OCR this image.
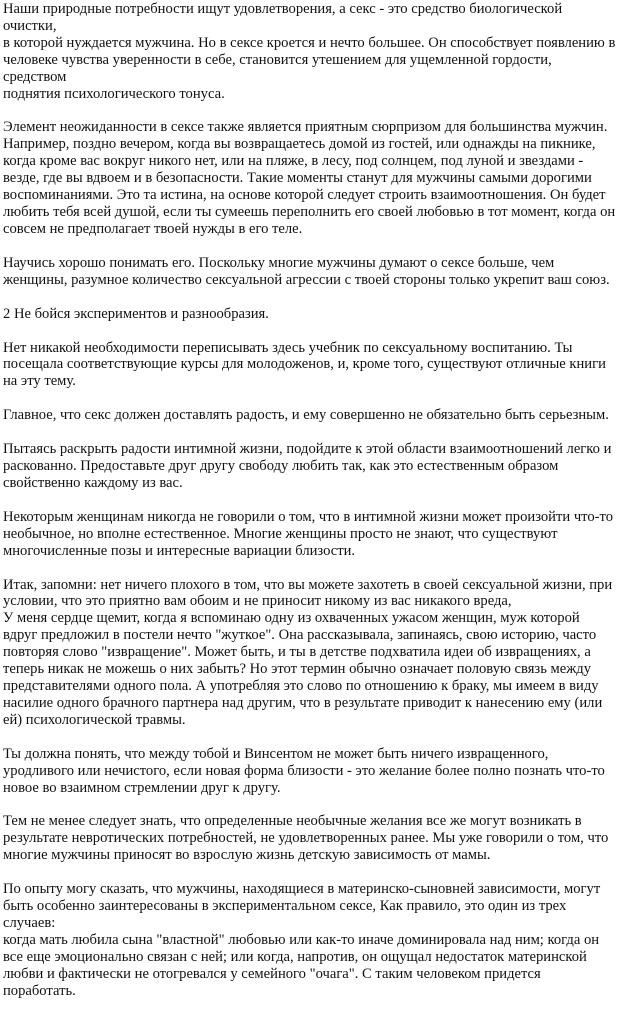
Наши природные потребности ищут удовлетворения, а секс - это средство биологической очистки,
в которой нуждается мужчина. Но в сексе кроется и нечто большее. Он способствует появлению в
человеке чувства уверенности в себе, становится утешением для ущемленной гордости, средством
поднятия психологического тонуса.

Элемент неожиданности в сексе также является приятным сюрпризом для большинства мужчин.
Например, поздно вечером, когда вы возвращаетесь домой из гостей, или однажды на пикнике,
когда кроме вас вокруг никого нет, или на пляже, в лесу, под солнцем, под луной и звездами -
везде, где вы вдвоем и в безопасности. Такие моменты станут для мужчины самыми дорогими
воспоминаниями. Это та истина, на основе которой следует строить взаимоотношения. Он будет
любить тебя всей душой, если ты сумеешь переполнить его своей любовью в тот момент, когда он
совсем не предполагает твоей нужды в его теле.

Научись хорошо понимать его. Поскольку многие мужчины думают о сексе больше, чем
женщины, разумное количество сексуальной агрессии с твоей стороны только укрепит ваш союз.

2 Не бойся экспериментов и разнообразия.

Нет никакой необходимости переписывать здесь учебник по сексуальному воспитанию. Ты
посещала соответствующие курсы для молодоженов, и, кроме того, существуют отличные книги
на эту тему.

Главное, что секс должен доставлять радость, и ему совершенно не обязательно быть серьезным.

Пытаясь раскрыть радости интимной жизни, подойдите к этой области взаимоотношений легко и
раскованно. Предоставьте друг другу свободу любить так, как это естественным образом
свойственно каждому из вас.

Некоторым женщинам никогда не говорили о том, что в интимной жизни может произойти что-то
необычное, но вполне естественное. Многие женщины просто не знают, что существуют
многочисленные позы и интересные вариации близости.

Итак, запомни: нет ничего плохого в том, что вы можете захотеть в своей сексуальной жизни, при
условии, что это приятно вам обоим и не приносит никому из вас никакого вреда,

У меня сердце щемит, когда я вспоминаю одну из охваченных ужасом женщин, муж которой
вдруг предложил в постели нечто "жуткое". Она рассказывала, запинаясь, свою историю, часто
повторяя слово "извращение". Может быть, и ты в детстве подхватила идеи об извращениях, а
теперь никак не можешь о них забыть? Но этот термин обычно означает половую связь между
представителями одного пола. А употребляя это слово по отношению к браку, мы имеем в виду
насилие одного брачного партнера над другим, что в результате приводит к нанесению ему (или
ей) психологической травмы.

Ты должна понять, что между тобой и Винсентом не может быть ничего извращенного,
уродливого или нечистого, если новая форма близости - это желание более полно познать что-то
новое во взаимном стремлении друг к другу.

Тем не менее следует знать, что определенные необычные желания все же могут возникать в
результате невротических потребностей, не удовлетворенных ранее. Мы уже говорили о том, что
многие мужчины приносят во взрослую жизнь детскую зависимость от мамы.

По опыту могу сказать, что мужчины, находящиеся в материнско-сыновней зависимости, могут
быть особенно заинтересованы в экспериментальном сексе, Как правило, это один из трех случаев:
когда мать любила сына "властной" любовью или как-то иначе доминировала над ним; когда он
все еще эмоционально связан с ней; или когда, напротив, он ощущал недостаток материнской
любви и фактически не отогревался у семейного "очага". С таким человеком придется поработать.
